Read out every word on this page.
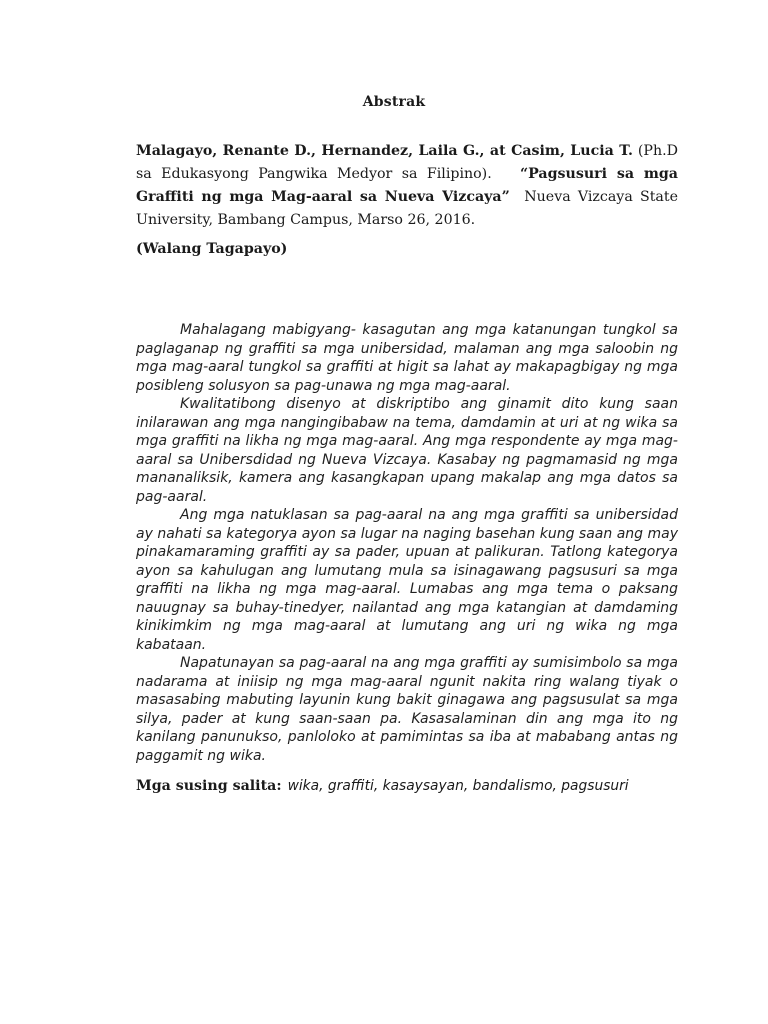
Abstrak
Malagayo, Renante D., Hernandez, Laila G., at Casim, Lucia T. (Ph.D sa Edukasyong Pangwika Medyor sa Filipino). “Pagsusuri sa mga Graffiti ng mga Mag-aaral sa Nueva Vizcaya” Nueva Vizcaya State University, Bambang Campus, Marso 26, 2016.
(Walang Tagapayo)

Mahalagang mabigyang- kasagutan ang mga katanungan tungkol sa paglaganap ng graffiti sa mga unibersidad, malaman ang mga saloobin ng mga mag-aaral tungkol sa graffiti at higit sa lahat ay makapagbigay ng mga posibleng solusyon sa pag-unawa ng mga mag-aaral.

Kwalitatibong disenyo at diskriptibo ang ginamit dito kung saan inilarawan ang mga nangingibabaw na tema, damdamin at uri at ng wika sa mga graffiti na likha ng mga mag-aaral. Ang mga respondente ay mga mag-aaral sa Unibersdidad ng Nueva Vizcaya. Kasabay ng pagmamasid ng mga mananaliksik, kamera ang kasangkapan upang makalap ang mga datos sa pag-aaral.

Ang mga natuklasan sa pag-aaral na ang mga graffiti sa unibersidad ay nahati sa kategorya ayon sa lugar na naging basehan kung saan ang may pinakamaraming graffiti ay sa pader, upuan at palikuran. Tatlong kategorya ayon sa kahulugan ang lumutang mula sa isinagawang pagsusuri sa mga graffiti na likha ng mga mag-aaral. Lumabas ang mga tema o paksang nauugnay sa buhay-tinedyer, nailantad ang mga katangian at damdaming kinikimkim ng mga mag-aaral at lumutang ang uri ng wika ng mga kabataan.

Napatunayan sa pag-aaral na ang mga graffiti ay sumisimbolo sa mga nadarama at iniisip ng mga mag-aaral ngunit nakita ring walang tiyak o masasabing mabuting layunin kung bakit ginagawa ang pagsusulat sa mga silya, pader at kung saan-saan pa. Kasasalaminan din ang mga ito ng kanilang panunukso, panloloko at pamimintas sa iba at mababang antas ng paggamit ng wika.

Mga susing salita: wika, graffiti, kasaysayan, bandalismo, pagsusuri
